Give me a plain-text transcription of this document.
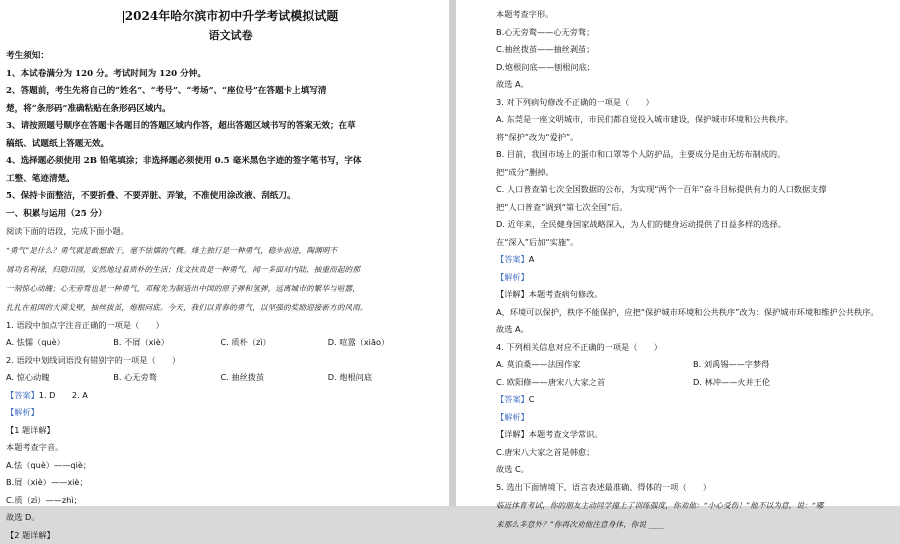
2024年哈尔滨市初中升学考试模拟试题
语文试卷
考生须知：
1、本试卷满分为 120 分。考试时间为 120 分钟。
2、答题前，考生先将自己的“姓名”、“考号”、“考场”、“座位号”在答题卡上填写清
楚，将“条形码”准确粘贴在条形码区域内。
3、请按照题号顺序在答题卡各题目的答题区域内作答，超出答题区域书写的答案无效；在草
稿纸、试题纸上答题无效。
4、选择题必须使用 2B 铅笔填涂；非选择题必须使用 0.5 毫米黑色字迹的签字笔书写，字体
工整、笔迹清楚。
5、保持卡面整洁，不要折叠、不要弄脏、弄皱，不准使用涂改液、刮纸刀。
一、积累与运用（25 分）
阅读下面的语段，完成下面小题。
“勇气”是什么？勇气就是敢想敢干，毫不怯懦的气概。烽主独行是一种勇气，稳步前进，陶渊明不
屑功名利禄，归隐田园，安然地过着质朴的生活；伐文扶贵是一种勇气，闻一多面对内陆，抽重而起的那
一刻惊心动魄；心无旁骛也是一种勇气，邓稼先为制造出中国的原子弹和氢弹，远离城市的繁华与喧嚣，
扎扎在祖国的大漠戈壁，抽丝拔茧，炮根问底。今天，我们以青春的勇气，以坚强的奖励迎接新方的风雨。
1. 语段中加点字注音正确的一项是（　　）
A. 怯懦（què）	B. 不屑（xiè）	C. 质朴（zì）	D. 喧嚣（xiāo）
2. 语段中划线词语没有错别字的一项是（　　）
A. 惊心动魄	B. 心无旁骛	C. 抽丝拨茧	D. 炮根问底
【答案】1. D　　2. A
【解析】
【1 题详解】
本题考查字音。
A.怯（què）——qiè；
B.屑（xiè）——xiè；
C.质（zì）——zhì；
故选 D。
【2 题详解】
本题考查字形。
B.心无旁鹜——心无旁骛；
C.抽丝拨茧——抽丝剥茧；
D.炮根问底——刨根问底；
故选 A。
3. 对下列病句修改不正确的一项是（　　）
A. 东莞是一座文明城市，市民们都自觉投入城市建设，保护城市环境和公共秩序。
将“保护”改为“爱护”。
B. 目前，我国市场上的蛋巾和口罩等个人防护品，主要成分是由无纺布制成的。
把“成分”删掉。
C. 人口普查第七次全国数据的公布，为实现“两个一百年”奋斗目标提供有力的人口数据支撑
把“人口普查”调到“第七次全国”后。
D. 近年来，全民健身国家战略深入，为人们的健身运动提供了日益多样的选择。
在“深入”后加“实施”。
【答案】A
【解析】
【详解】本题考查病句修改。
A，环境可以保护，秩序不能保护，应把“保护城市环境和公共秩序”改为：保护城市环境和维护公共秩序。
故选 A。
4. 下列相关信息对应不正确的一项是（　　）
A. 莫泊桑——法国作家	B. 刘禹锡——字梦得
C. 欧阳修——唐宋八大家之首	D. 林冲——火并王伦
【答案】C
【解析】
【详解】本题考查文学常识。
C.唐宋八大家之首是韩愈；
故选 C。
5. 选出下面情境下，语言表述最准确、得体的一项（　　）
临近体育考试，你的朋友主动同学撞上了训练强度，你劝他：“小心受伤！”他不以为意，说：“哪
来那么多意外？”你再次劝他注意身体，你说 ____
